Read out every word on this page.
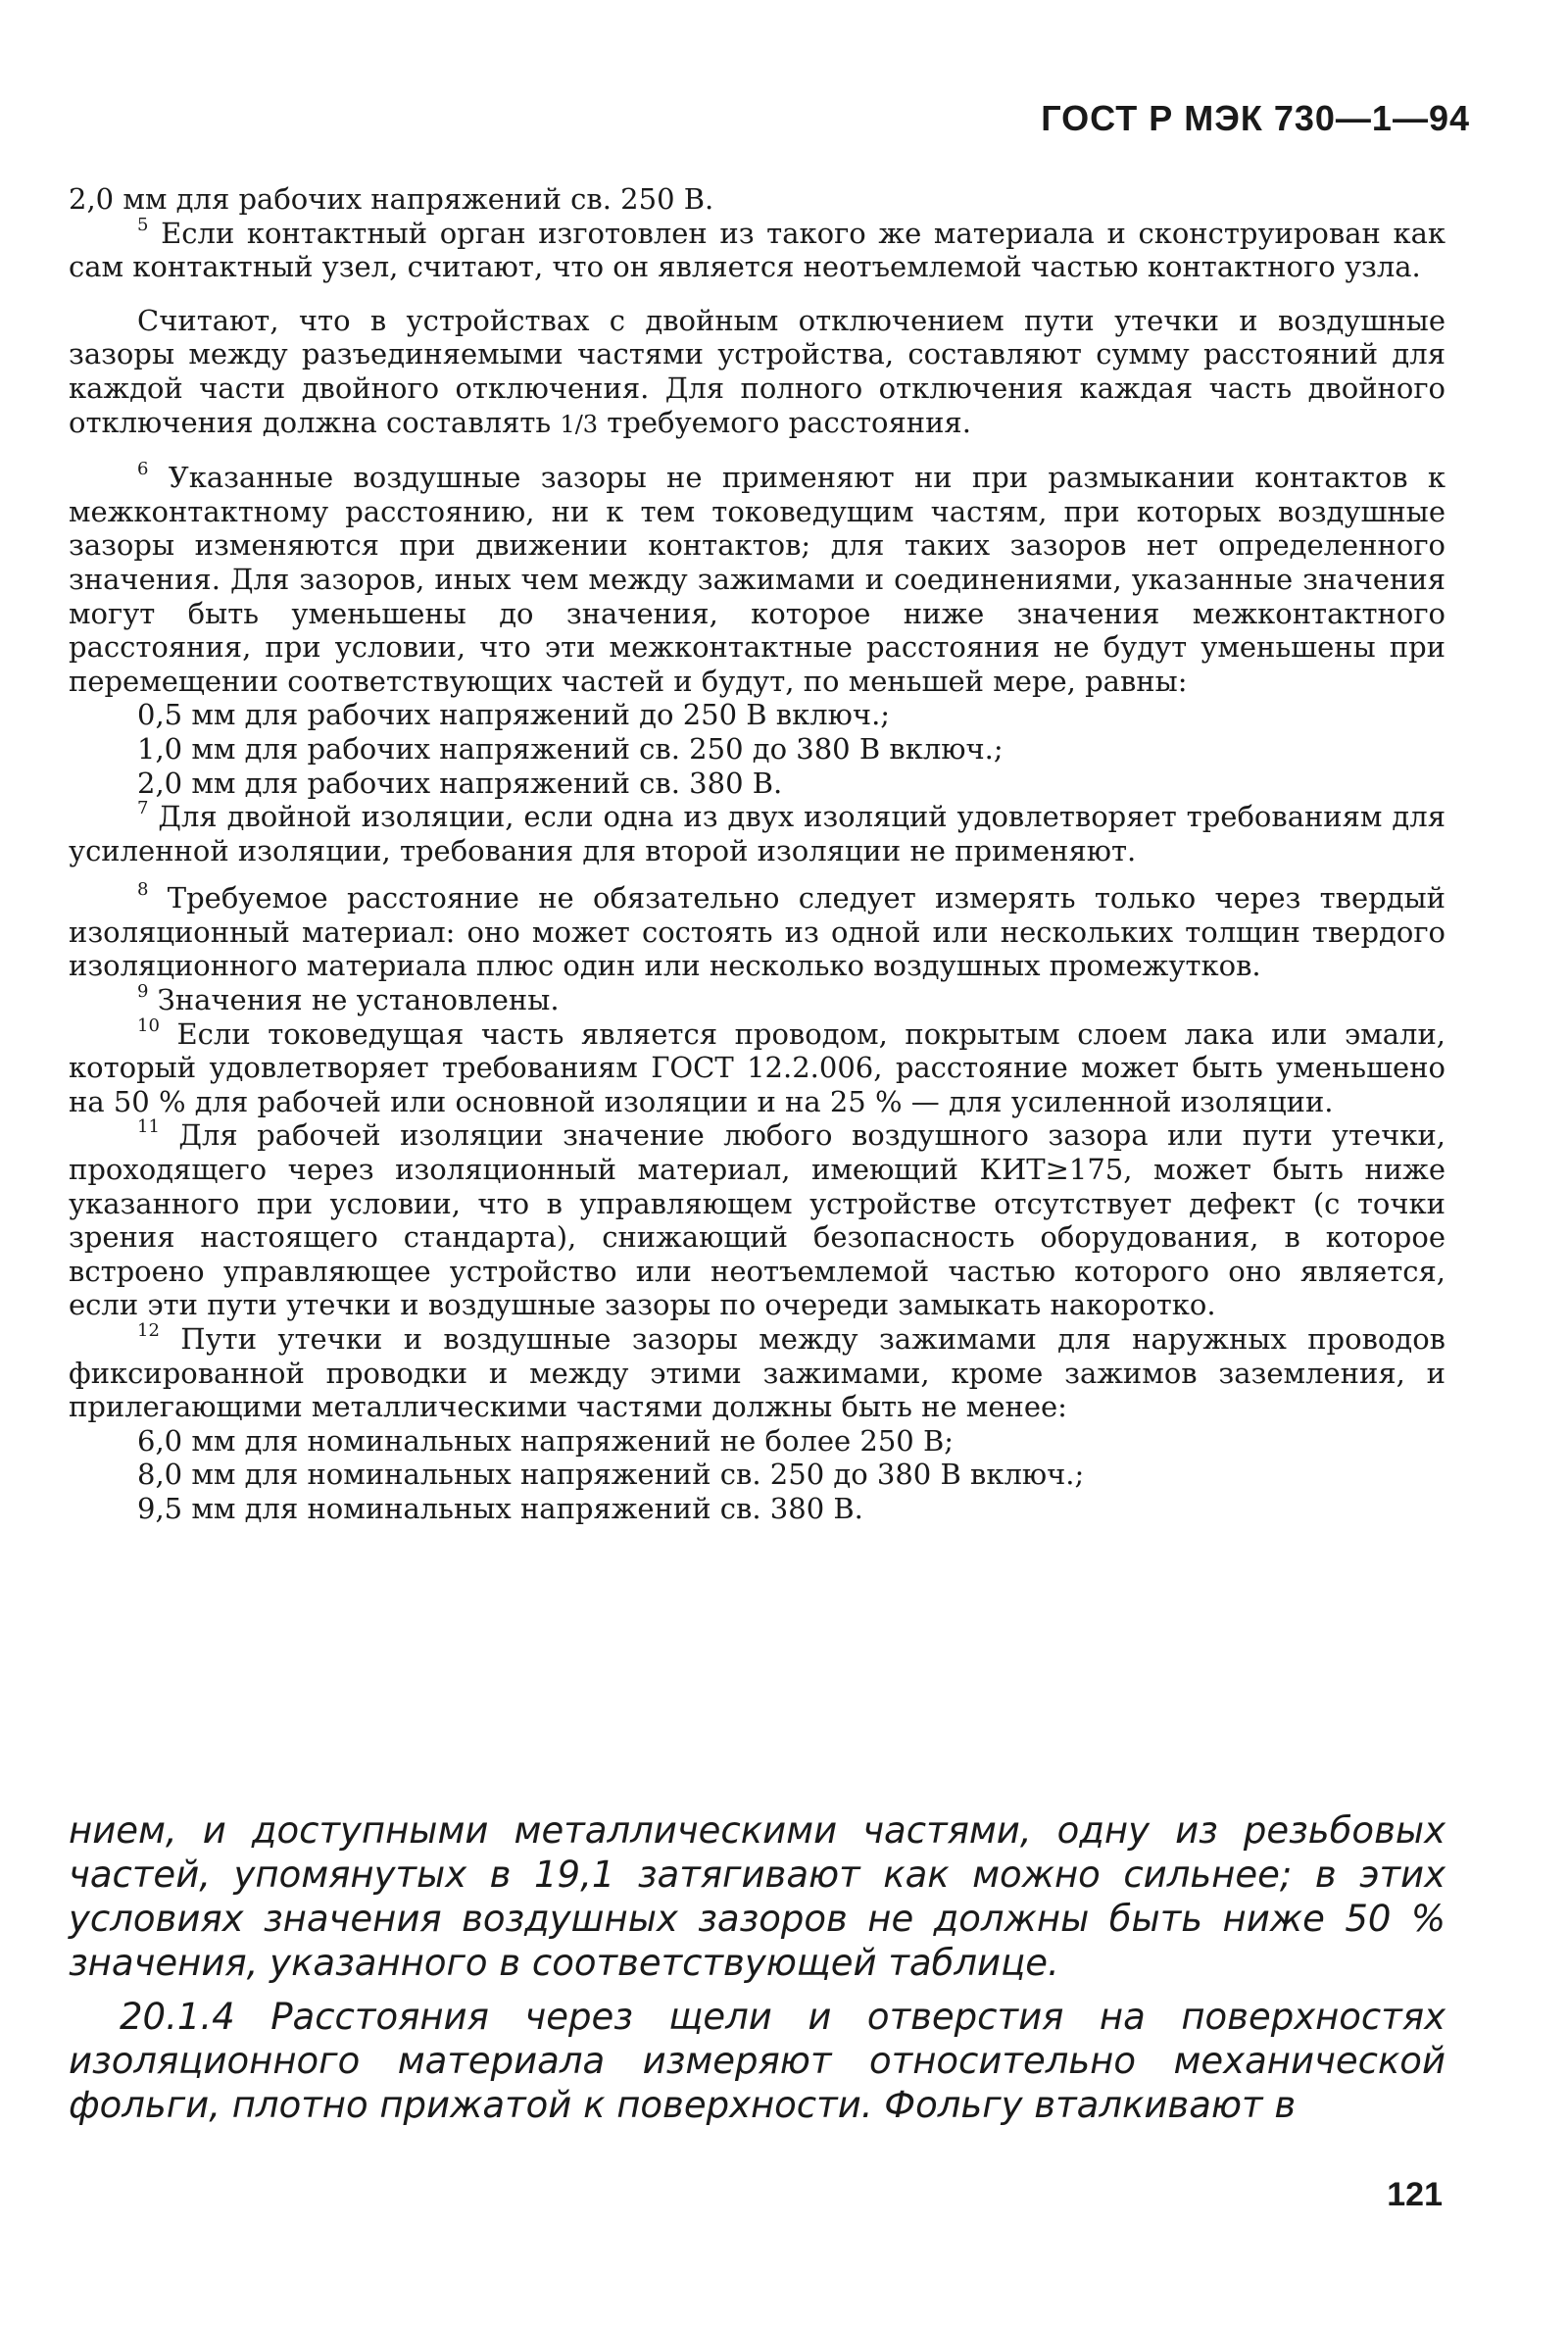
ГОСТ Р МЭК 730—1—94

2,0 мм для рабочих напряжений св. 250 В.

$^5$ Если контактный орган изготовлен из такого же материала и сконструирован как сам контактный узел, считают, что он является неотъемлемой частью контактного узла.

Считают, что в устройствах с двойным отключением пути утечки и воздушные зазоры между разъединяемыми частями устройства, составляют сумму расстояний для каждой части двойного отключения. Для полного отключения каждая часть двойного отключения должна составлять 1/3 требуемого расстояния.

$^6$ Указанные воздушные зазоры не применяют ни при размыкании контактов к межконтактному расстоянию, ни к тем токоведущим частям, при которых воздушные зазоры изменяются при движении контактов; для таких зазоров нет определенного значения. Для зазоров, иных чем между зажимами и соединениями, указанные значения могут быть уменьшены до значения, которое ниже значения межконтактного расстояния, при условии, что эти межконтактные расстояния не будут уменьшены при перемещении соответствующих частей и будут, по меньшей мере, равны:

0,5 мм для рабочих напряжений до 250 В включ.;

1,0 мм для рабочих напряжений св. 250 до 380 В включ.;

2,0 мм для рабочих напряжений св. 380 В.

$^7$ Для двойной изоляции, если одна из двух изоляций удовлетворяет требованиям для усиленной изоляции, требования для второй изоляции не применяют.

$^8$ Требуемое расстояние не обязательно следует измерять только через твердый изоляционный материал: оно может состоять из одной или нескольких толщин твердого изоляционного материала плюс один или несколько воздушных промежутков.

$^9$ Значения не установлены.

$^{10}$ Если токоведущая часть является проводом, покрытым слоем лака или эмали, который удовлетворяет требованиям ГОСТ 12.2.006, расстояние может быть уменьшено на 50 % для рабочей или основной изоляции и на 25 % — для усиленной изоляции.

$^{11}$ Для рабочей изоляции значение любого воздушного зазора или пути утечки, проходящего через изоляционный материал, имеющий КИТ≥175, может быть ниже указанного при условии, что в управляющем устройстве отсутствует дефект (с точки зрения настоящего стандарта), снижающий безопасность оборудования, в которое встроено управляющее устройство или неотъемлемой частью которого оно является, если эти пути утечки и воздушные зазоры по очереди замыкать накоротко.

$^{12}$ Пути утечки и воздушные зазоры между зажимами для наружных проводов фиксированной проводки и между этими зажимами, кроме зажимов заземления, и прилегающими металлическими частями должны быть не менее:

6,0 мм для номинальных напряжений не более 250 В;

8,0 мм для номинальных напряжений св. 250 до 380 В включ.;

9,5 мм для номинальных напряжений св. 380 В.

нием, и доступными металлическими частями, одну из резьбовых частей, упомянутых в 19,1 затягивают как можно сильнее; в этих условиях значения воздушных зазоров не должны быть ниже 50 % значения, указанного в соответствующей таблице.

20.1.4 Расстояния через щели и отверстия на поверхностях изоляционного материала измеряют относительно механической фольги, плотно прижатой к поверхности. Фольгу вталкивают в

121
